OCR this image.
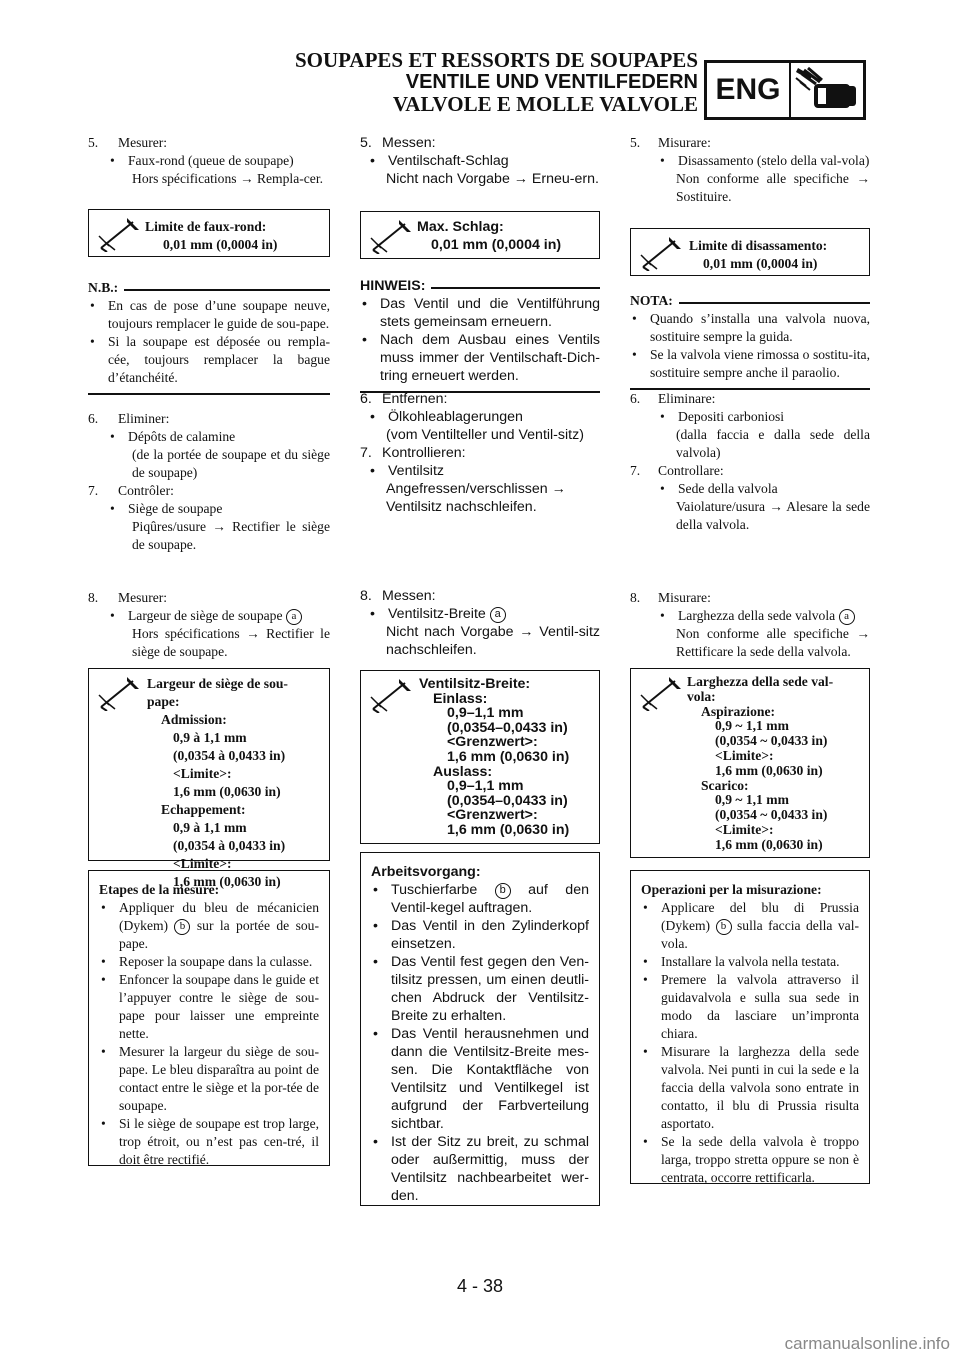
SOUPAPES ET RESSORTS DE SOUPAPES
VENTILE UND VENTILFEDERN
VALVOLE E MOLLE VALVOLE ENG
5.	Mesurer:
• Faux-rond (queue de soupape)
Hors spécifications → Rempla-cer.
Limite de faux-rond:
0,01 mm (0,0004 in)
N.B.:
• En cas de pose d’une soupape neuve, toujours remplacer le guide de sou-pape.
• Si la soupape est déposée ou rempla-cée, toujours remplacer la bague d’étanchéité.
6.	Eliminer:
• Dépôts de calamine
(de la portée de soupape et du siège de soupape)
7.	Contrôler:
• Siège de soupape
Piqûres/usure → Rectifier le siège de soupape.
8.	Mesurer:
• Largeur de siège de soupape a
Hors spécifications → Rectifier le siège de soupape.
Largeur de siège de sou-
pape:
Admission:
0,9 à 1,1 mm
(0,0354 à 0,0433 in)
<Limite>:
1,6 mm (0,0630 in)
Echappement:
0,9 à 1,1 mm
(0,0354 à 0,0433 in)
<Limite>:
1,6 mm (0,0630 in)
Etapes de la mesure:
• Appliquer du bleu de mécanicien (Dykem) b sur la portée de sou-pape.
• Reposer la soupape dans la culasse.
• Enfoncer la soupape dans le guide et l’appuyer contre le siège de sou-pape pour laisser une empreinte nette.
• Mesurer la largeur du siège de sou-pape. Le bleu disparaîtra au point de contact entre le siège et la por-tée de soupape.
• Si le siège de soupape est trop large, trop étroit, ou n’est pas cen-tré, il doit être rectifié.
5. Messen:
• Ventilschaft-Schlag
Nicht nach Vorgabe → Erneu-ern.
Max. Schlag:
0,01 mm (0,0004 in)
HINWEIS:
• Das Ventil und die Ventilführung stets gemeinsam erneuern.
• Nach dem Ausbau eines Ventils muss immer der Ventilschaft-Dich-tring erneuert werden.
6. Entfernen:
• Ölkohleablagerungen
(vom Ventilteller und Ventil-sitz)
7. Kontrollieren:
• Ventilsitz
Angefressen/verschlissen → Ventilsitz nachschleifen.
8. Messen:
• Ventilsitz-Breite a
Nicht nach Vorgabe → Ventil-sitz nachschleifen.
Ventilsitz-Breite:
Einlass:
0,9–1,1 mm
(0,0354–0,0433 in)
<Grenzwert>:
1,6 mm (0,0630 in)
Auslass:
0,9–1,1 mm
(0,0354–0,0433 in)
<Grenzwert>:
1,6 mm (0,0630 in)
Arbeitsvorgang:
• Tuschierfarbe b auf den Ventil-kegel auftragen.
• Das Ventil in den Zylinderkopf einsetzen.
• Das Ventil fest gegen den Ven-tilsitz pressen, um einen deutli-chen Abdruck der Ventilsitz-Breite zu erhalten.
• Das Ventil herausnehmen und dann die Ventilsitz-Breite mes-sen. Die Kontaktfläche von Ventilsitz und Ventilkegel ist aufgrund der Farbverteilung sichtbar.
• Ist der Sitz zu breit, zu schmal oder außermittig, muss der Ventilsitz nachbearbeitet wer-den.
5.	Misurare:
• Disassamento (stelo della val-vola)
Non conforme alle specifiche → Sostituire.
Limite di disassamento:
0,01 mm (0,0004 in)
NOTA:
• Quando s’installa una valvola nuova, sostituire sempre la guida.
• Se la valvola viene rimossa o sostitu-ita, sostituire sempre anche il paraolio.
6.	Eliminare:
• Depositi carboniosi
(dalla faccia e dalla sede della valvola)
7.	Controllare:
• Sede della valvola
Vaiolature/usura → Alesare la sede della valvola.
8.	Misurare:
• Larghezza della sede valvola a
Non conforme alle specifiche → Rettificare la sede della valvola.
Larghezza della sede val-
vola:
Aspirazione:
0,9 ~ 1,1 mm
(0,0354 ~ 0,0433 in)
<Limite>:
1,6 mm (0,0630 in)
Scarico:
0,9 ~ 1,1 mm
(0,0354 ~ 0,0433 in)
<Limite>:
1,6 mm (0,0630 in)
Operazioni per la misurazione:
• Applicare del blu di Prussia (Dykem) b sulla faccia della val-vola.
• Installare la valvola nella testata.
• Premere la valvola attraverso il guidavalvola e sulla sua sede in modo da lasciare un’impronta chiara.
• Misurare la larghezza della sede valvola. Nei punti in cui la sede e la faccia della valvola sono entrate in contatto, il blu di Prussia risulta asportato.
• Se la sede della valvola è troppo larga, troppo stretta oppure se non è centrata, occorre rettificarla.
4 - 38
carmanualsonline.info
